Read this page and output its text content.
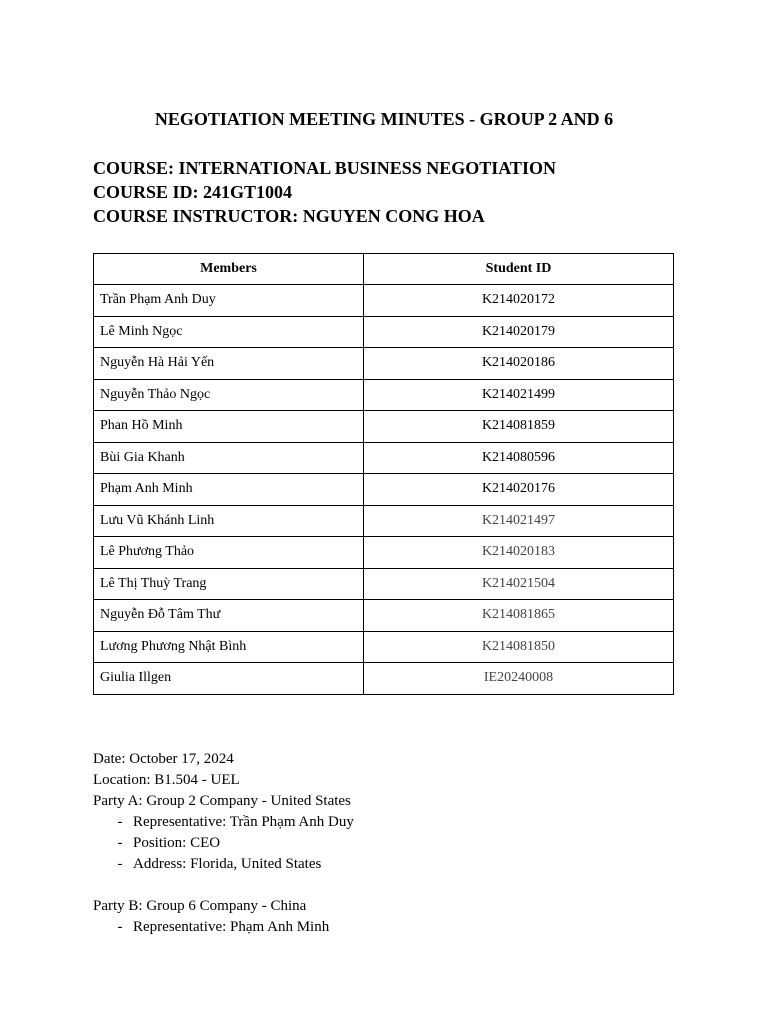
NEGOTIATION MEETING MINUTES - GROUP 2 AND 6
COURSE: INTERNATIONAL BUSINESS NEGOTIATION
COURSE ID: 241GT1004
COURSE INSTRUCTOR: NGUYEN CONG HOA
Members	Student ID
Trần Phạm Anh Duy	K214020172
Lê Minh Ngọc	K214020179
Nguyễn Hà Hải Yến	K214020186
Nguyễn Thảo Ngọc	K214021499
Phan Hồ Minh	K214081859
Bùi Gia Khanh	K214080596
Phạm Anh Minh	K214020176
Lưu Vũ Khánh Linh	K214021497
Lê Phương Thảo	K214020183
Lê Thị Thuỳ Trang	K214021504
Nguyễn Đỗ Tâm Thư	K214081865
Lương Phương Nhật Bình	K214081850
Giulia Illgen	IE20240008
Date: October 17, 2024
Location: B1.504 - UEL
Party A: Group 2 Company - United States
- Representative: Trần Phạm Anh Duy
- Position: CEO
- Address: Florida, United States
Party B: Group 6 Company - China
- Representative: Phạm Anh Minh
